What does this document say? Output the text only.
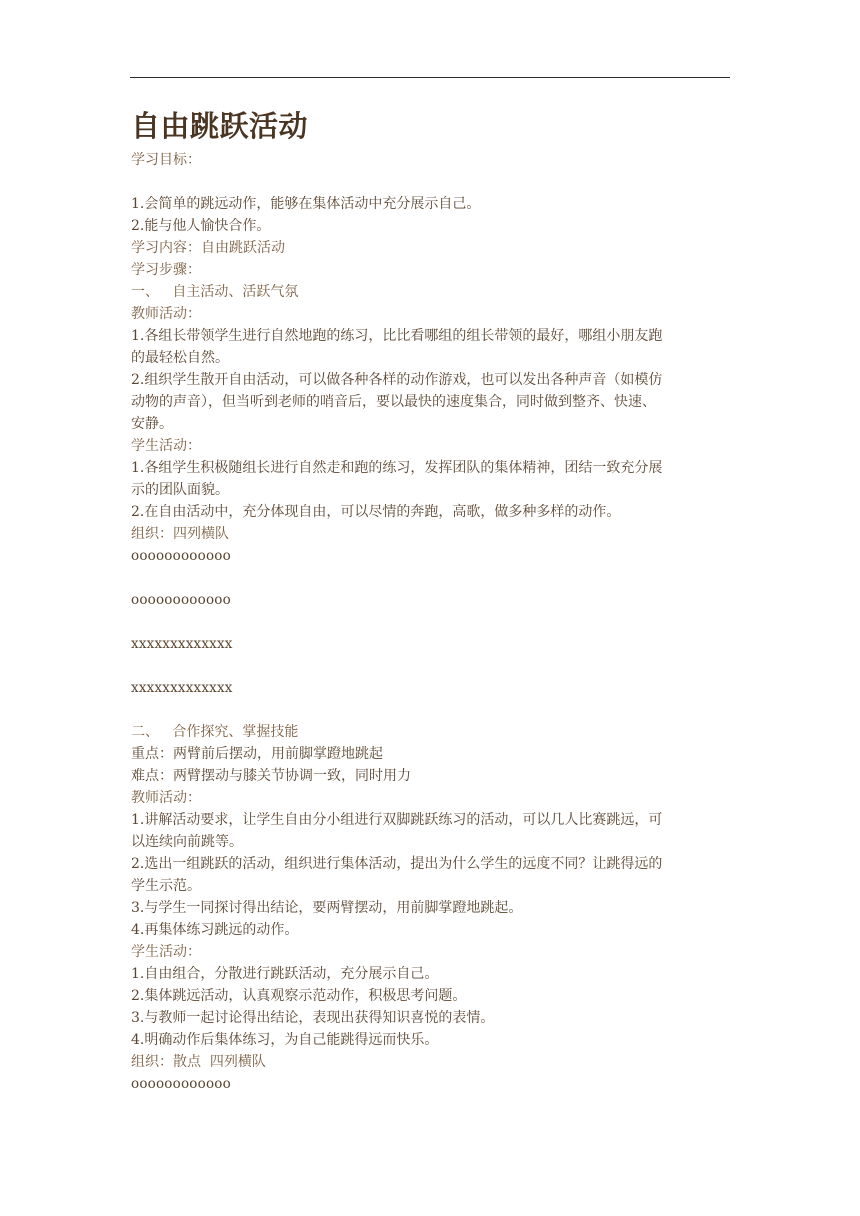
自由跳跃活动
学习目标：
1.会简单的跳远动作，能够在集体活动中充分展示自己。
2.能与他人愉快合作。
学习内容：自由跳跃活动
学习步骤：
一、   自主活动、活跃气氛
教师活动：
1.各组长带领学生进行自然地跑的练习，比比看哪组的组长带领的最好，哪组小朋友跑
的最轻松自然。
2.组织学生散开自由活动，可以做各种各样的动作游戏，也可以发出各种声音（如模仿
动物的声音），但当听到老师的哨音后，要以最快的速度集合，同时做到整齐、快速、
安静。
学生活动：
1.各组学生积极随组长进行自然走和跑的练习，发挥团队的集体精神，团结一致充分展
示的团队面貌。
2.在自由活动中，充分体现自由，可以尽情的奔跑，高歌，做多种多样的动作。
组织：四列横队
oooooooooooo
oooooooooooo
xxxxxxxxxxxxx
xxxxxxxxxxxxx
二、   合作探究、掌握技能
重点：两臂前后摆动，用前脚掌蹬地跳起
难点：两臂摆动与膝关节协调一致，同时用力
教师活动：
1.讲解活动要求，让学生自由分小组进行双脚跳跃练习的活动，可以几人比赛跳远，可
以连续向前跳等。
2.选出一组跳跃的活动，组织进行集体活动，提出为什么学生的远度不同？让跳得远的
学生示范。
3.与学生一同探讨得出结论，要两臂摆动，用前脚掌蹬地跳起。
4.再集体练习跳远的动作。
学生活动：
1.自由组合，分散进行跳跃活动，充分展示自己。
2.集体跳远活动，认真观察示范动作，积极思考问题。
3.与教师一起讨论得出结论，表现出获得知识喜悦的表情。
4.明确动作后集体练习，为自己能跳得远而快乐。
组织：散点  四列横队
oooooooooooo
